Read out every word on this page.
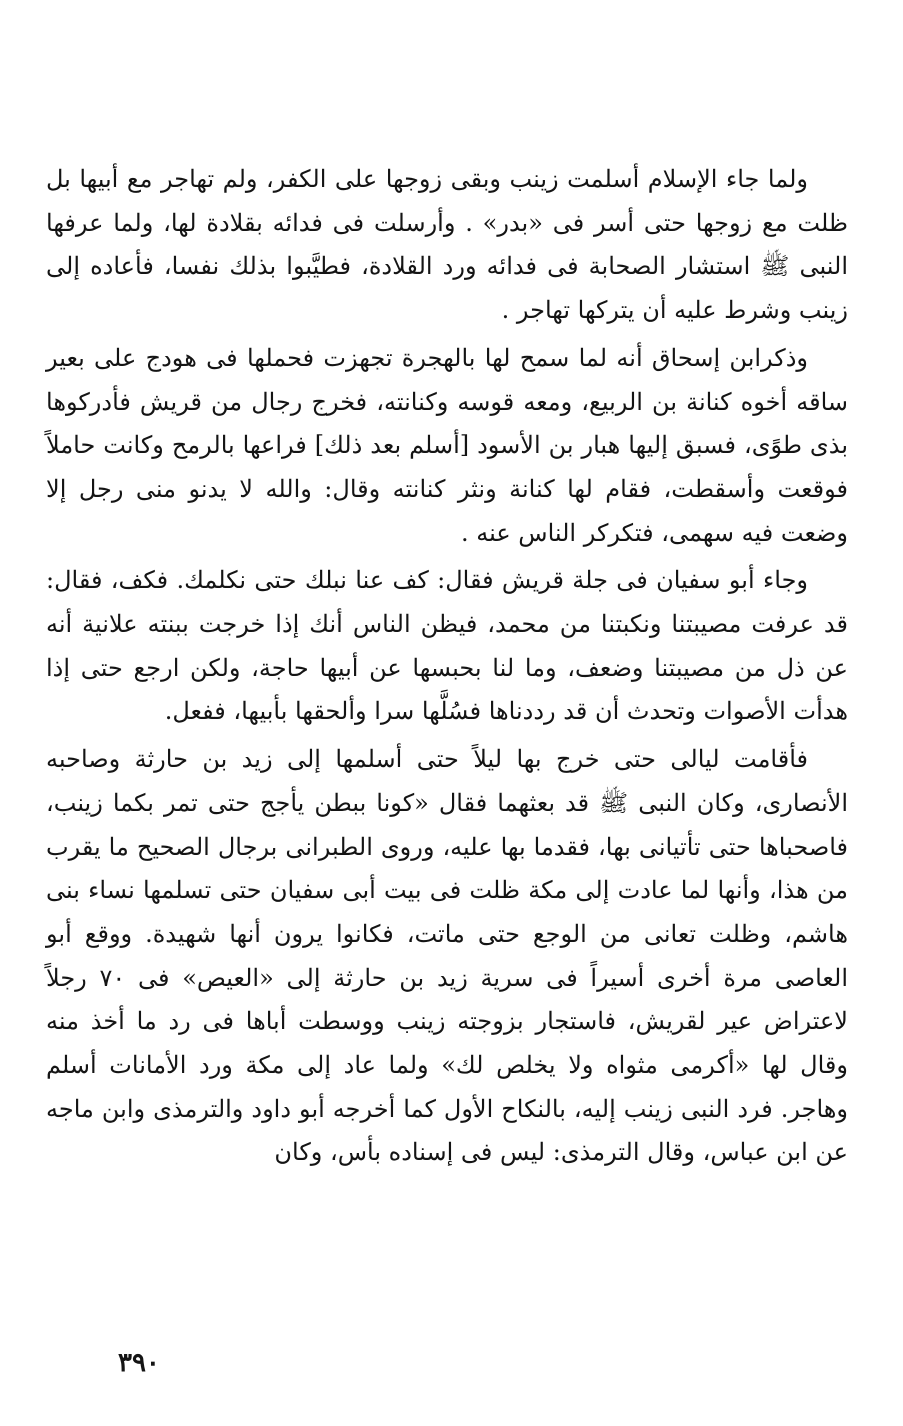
ولما جاء الإسلام أسلمت زينب وبقى زوجها على الكفر، ولم تهاجر مع أبيها بل ظلت مع زوجها حتى أسر فى «بدر» . وأرسلت فى فدائه بقلادة لها، ولما عرفها النبى ﷺ استشار الصحابة فى فدائه ورد القلادة، فطيَّبوا بذلك نفسا، فأعاده إلى زينب وشرط عليه أن يتركها تهاجر .

وذكرابن إسحاق أنه لما سمح لها بالهجرة تجهزت فحملها فى هودج على بعير ساقه أخوه كنانة بن الربيع، ومعه قوسه وكنانته، فخرج رجال من قريش فأدركوها بذى طوًى، فسبق إليها هبار بن الأسود [أسلم بعد ذلك] فراعها بالرمح وكانت حاملاً فوقعت وأسقطت، فقام لها كنانة ونثر كنانته وقال: والله لا يدنو منى رجل إلا وضعت فيه سهمى، فتكركر الناس عنه .

وجاء أبو سفيان فى جلة قريش فقال: كف عنا نبلك حتى نكلمك. فكف، فقال: قد عرفت مصيبتنا ونكبتنا من محمد، فيظن الناس أنك إذا خرجت ببنته علانية أنه عن ذل من مصيبتنا وضعف، وما لنا بحبسها عن أبيها حاجة، ولكن ارجع حتى إذا هدأت الأصوات وتحدث أن قد رددناها فسُلَّها سرا وألحقها بأبيها، ففعل.

فأقامت ليالى حتى خرج بها ليلاً حتى أسلمها إلى زيد بن حارثة وصاحبه الأنصارى، وكان النبى ﷺ قد بعثهما فقال «كونا ببطن يأجج حتى تمر بكما زينب، فاصحباها حتى تأتيانى بها، فقدما بها عليه، وروى الطبرانى برجال الصحيح ما يقرب من هذا، وأنها لما عادت إلى مكة ظلت فى بيت أبى سفيان حتى تسلمها نساء بنى هاشم، وظلت تعانى من الوجع حتى ماتت، فكانوا يرون أنها شهيدة. ووقع أبو العاصى مرة أخرى أسيراً فى سرية زيد بن حارثة إلى «العيص» فى ٧٠ رجلاً لاعتراض عير لقريش، فاستجار بزوجته زينب ووسطت أباها فى رد ما أخذ منه وقال لها «أكرمى مثواه ولا يخلص لك» ولما عاد إلى مكة ورد الأمانات أسلم وهاجر. فرد النبى زينب إليه، بالنكاح الأول كما أخرجه أبو داود والترمذى وابن ماجه عن ابن عباس، وقال الترمذى: ليس فى إسناده بأس، وكان

٣٩٠
